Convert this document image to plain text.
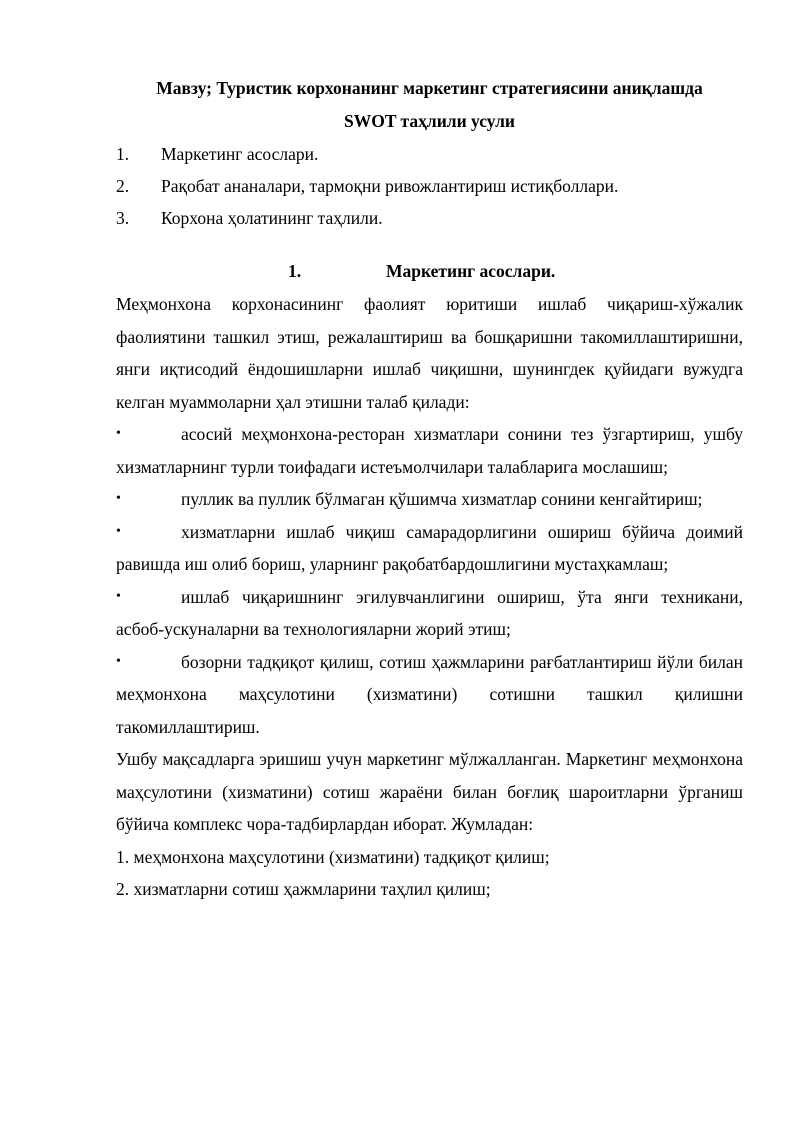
Мавзу; Туристик корхонанинг маркетинг стратегиясини аниқлашда

SWOT таҳлили усули

1. Маркетинг асослари.
2. Рақобат ананалари, тармоқни ривожлантириш истиқболлари.
3. Корхона ҳолатининг таҳлили.
1.	Маркетинг асослари.

Меҳмонхона корхонасининг фаолият юритиши ишлаб чиқариш-хўжалик фаолиятини ташкил этиш, режалаштириш ва бошқаришни такомиллаштиришни, янги иқтисодий ёндошишларни ишлаб чиқишни, шунингдек қуйидаги вужудга келган муаммоларни ҳал этишни талаб қилади:

•	асосий меҳмонхона-ресторан хизматлари сонини тез ўзгартириш, ушбу хизматларнинг турли тоифадаги истеъмолчилари талабларига мослашиш;

•	пуллик ва пуллик бўлмаган қўшимча хизматлар сонини кенгайтириш;

•	хизматларни ишлаб чиқиш самарадорлигини ошириш бўйича доимий равишда иш олиб бориш, уларнинг рақобатбардошлигини мустаҳкамлаш;

•	ишлаб чиқаришнинг эгилувчанлигини ошириш, ўта янги техникани, асбоб-ускуналарни ва технологияларни жорий этиш;

•	бозорни тадқиқот қилиш, сотиш ҳажмларини рағбатлантириш йўли билан меҳмонхона маҳсулотини (хизматини) сотишни ташкил қилишни такомиллаштириш.

Ушбу мақсадларга эришиш учун маркетинг мўлжалланган. Маркетинг меҳмонхона маҳсулотини (хизматини) сотиш жараёни билан боғлиқ шароитларни ўрганиш бўйича комплекс чора-тадбирлардан иборат. Жумладан:

1. меҳмонхона маҳсулотини (хизматини) тадқиқот қилиш;

2. хизматларни сотиш ҳажмларини таҳлил қилиш;
